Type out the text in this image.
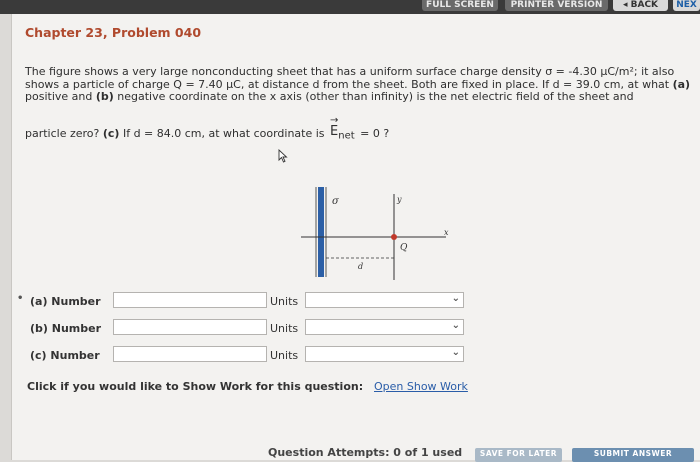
FULL SCREEN	PRINTER VERSION	◂ BACK	NEX
Chapter 23, Problem 040
The figure shows a very large nonconducting sheet that has a uniform surface charge density σ = -4.30 μC/m²; it also shows a particle of charge Q = 7.40 μC, at distance d from the sheet. Both are fixed in place. If d = 39.0 cm, at what (a) positive and (b) negative coordinate on the x axis (other than infinity) is the net electric field of the sheet and
particle zero? (c) If d = 84.0 cm, at what coordinate is
→
$E_{net} = 0$ ?
σ	y
x
d
Q
• (a) Number	Units	⌄
(b) Number	Units	⌄
(c) Number	Units	⌄
Click if you would like to Show Work for this question: Open Show Work
Question Attempts: 0 of 1 used	SAVE FOR LATER	SUBMIT ANSWER
